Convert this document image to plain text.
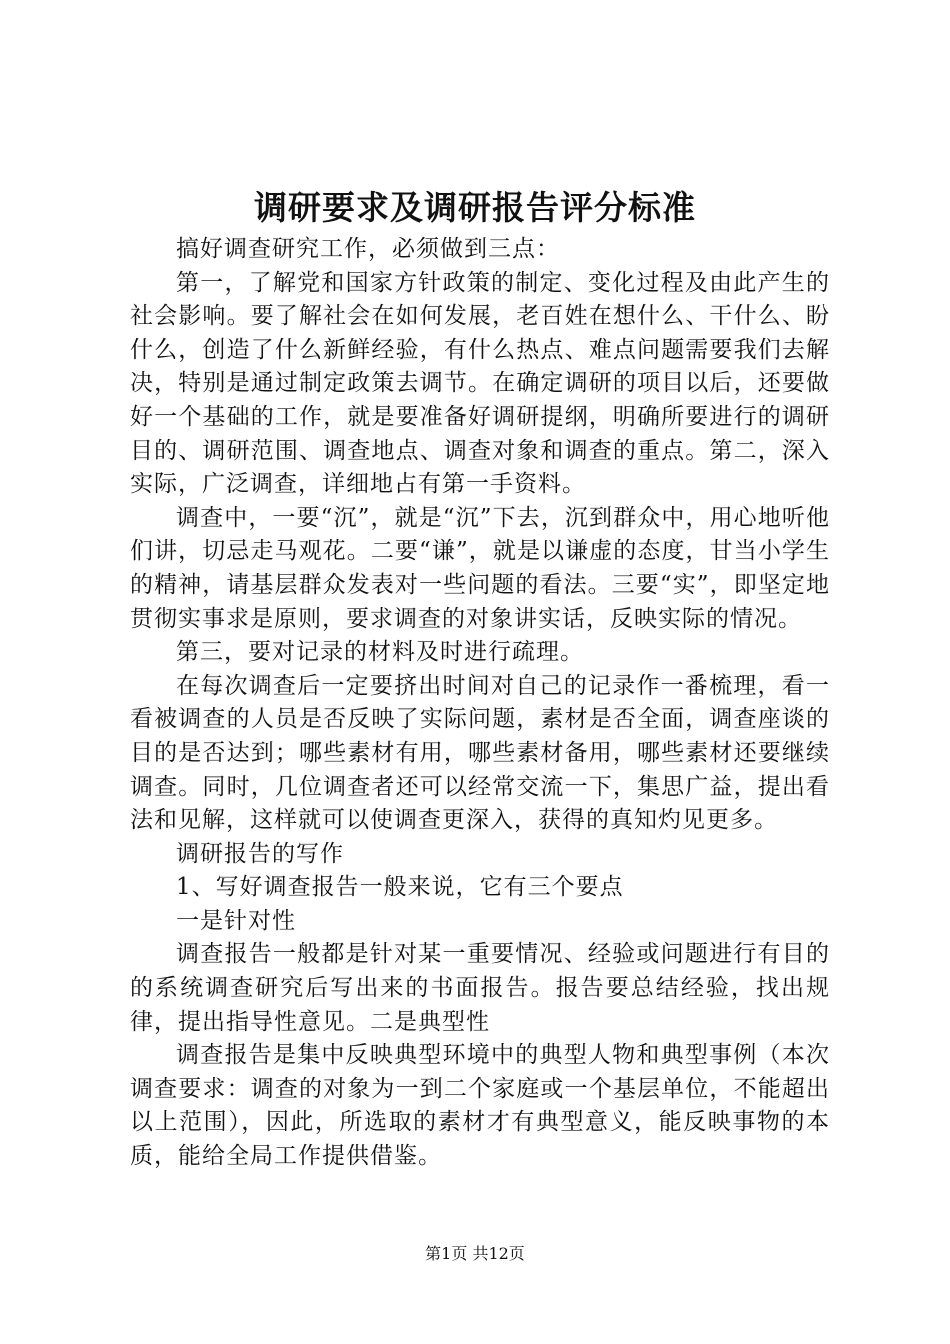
调研要求及调研报告评分标准

搞好调查研究工作，必须做到三点：

第一，了解党和国家方针政策的制定、变化过程及由此产生的社会影响。要了解社会在如何发展，老百姓在想什么、干什么、盼什么，创造了什么新鲜经验，有什么热点、难点问题需要我们去解决，特别是通过制定政策去调节。在确定调研的项目以后，还要做好一个基础的工作，就是要准备好调研提纲，明确所要进行的调研目的、调研范围、调查地点、调查对象和调查的重点。第二，深入实际，广泛调查，详细地占有第一手资料。

调查中，一要“沉”，就是“沉”下去，沉到群众中，用心地听他们讲，切忌走马观花。二要“谦”，就是以谦虚的态度，甘当小学生的精神，请基层群众发表对一些问题的看法。三要“实”，即坚定地贯彻实事求是原则，要求调查的对象讲实话，反映实际的情况。

第三，要对记录的材料及时进行疏理。

在每次调查后一定要挤出时间对自己的记录作一番梳理，看一看被调查的人员是否反映了实际问题，素材是否全面，调查座谈的目的是否达到；哪些素材有用，哪些素材备用，哪些素材还要继续调查。同时，几位调查者还可以经常交流一下，集思广益，提出看法和见解，这样就可以使调查更深入，获得的真知灼见更多。

调研报告的写作

1、写好调查报告一般来说，它有三个要点

一是针对性

调查报告一般都是针对某一重要情况、经验或问题进行有目的的系统调查研究后写出来的书面报告。报告要总结经验，找出规律，提出指导性意见。二是典型性

调查报告是集中反映典型环境中的典型人物和典型事例（本次调查要求：调查的对象为一到二个家庭或一个基层单位，不能超出以上范围），因此，所选取的素材才有典型意义，能反映事物的本质，能给全局工作提供借鉴。

第1页 共12页
